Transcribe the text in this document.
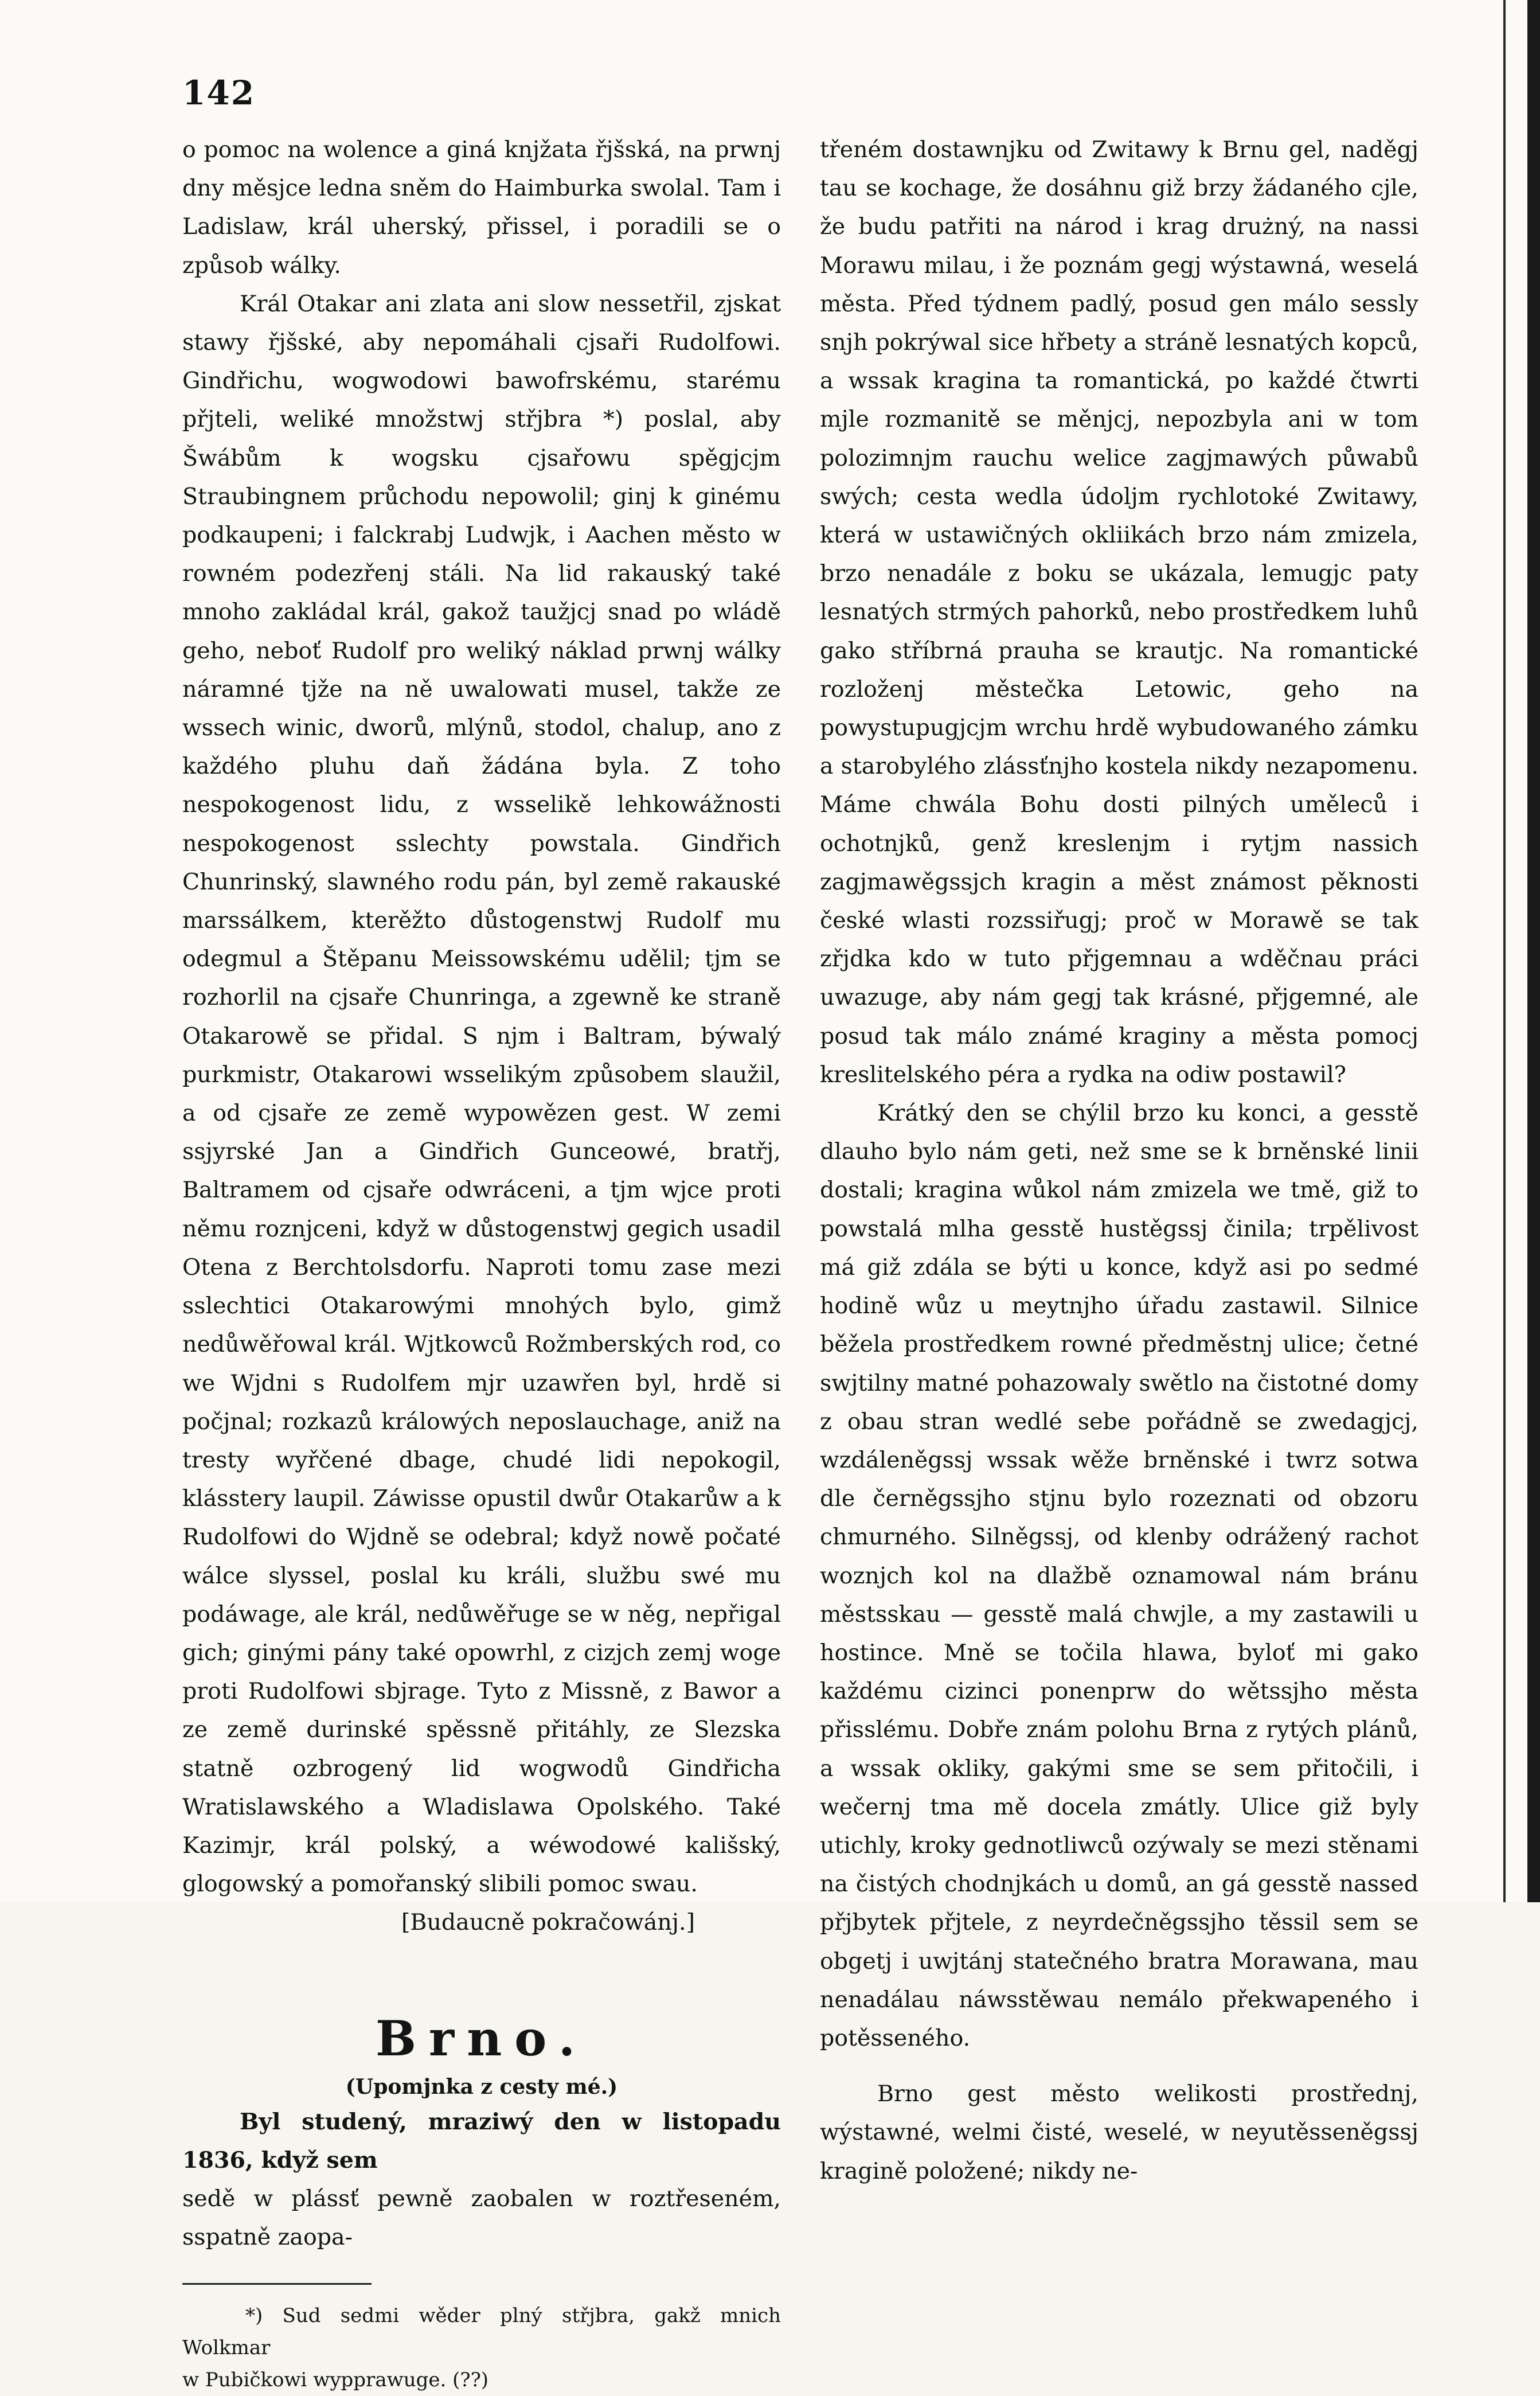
142

o pomoc na wolence a giná knjžata řjšská, na prwnj dny měsjce ledna sněm do Haimburka swolal. Tam i Ladislaw, král uherský, přissel, i poradili se o způsob wálky.

Král Otakar ani zlata ani slow nessetřil, zjskat stawy řjšské, aby nepomáhali cjsaři Rudolfowi. Gindřichu, wogwodowi bawofrskému, starému přjteli, weliké množstwj střjbra *) poslal, aby Šwábům k wogsku cjsařowu spěgjcjm Straubingnem průchodu nepowolil; ginj k ginému podkaupeni; i falckrabj Ludwjk, i Aachen město w rowném podezřenj stáli. Na lid rakauský také mnoho zakládal král, gakož taužjcj snad po wládě geho, neboť Rudolf pro weliký náklad prwnj wálky náramné tjže na ně uwalowati musel, takže ze wssech winic, dworů, mlýnů, stodol, chalup, ano z každého pluhu daň žádána byla. Z toho nespokogenost lidu, z wsselikě lehkowážnosti nespokogenost sslechty powstala. Gindřich Chunrinský, slawného rodu pán, byl země rakauské marssálkem, kterěžto důstogenstwj Rudolf mu odegmul a Štěpanu Meissowskému udělil; tjm se rozhorlil na cjsaře Chunringa, a zgewně ke straně Otakarowě se přidal. S njm i Baltram, býwalý purkmistr, Otakarowi wsselikým způsobem slaužil, a od cjsaře ze země wypowězen gest. W zemi ssjyrské Jan a Gindřich Gunceowé, bratřj, Baltramem od cjsaře odwráceni, a tjm wjce proti němu roznjceni, když w důstogenstwj gegich usadil Otena z Berchtolsdorfu. Naproti tomu zase mezi sslechtici Otakarowými mnohých bylo, gimž nedůwěřowal král. Wjtkowců Rožmberských rod, co we Wjdni s Rudolfem mjr uzawřen byl, hrdě si počjnal; rozkazů králowých neposlauchage, aniž na tresty wyřčené dbage, chudé lidi nepokogil, klásstery laupil. Záwisse opustil dwůr Otakarůw a k Rudolfowi do Wjdně se odebral; když nowě počaté wálce slyssel, poslal ku králi, službu swé mu podáwage, ale král, nedůwěřuge se w něg, nepřigal gich; ginými pány také opowrhl, z cizjch zemj woge proti Rudolfowi sbjrage. Tyto z Missně, z Bawor a ze země durinské spěssně přitáhly, ze Slezska statně ozbrogený lid wogwodů Gindřicha Wratislawského a Wladislawa Opolského. Také Kazimjr, král polský, a wéwodowé kališský, glogowský a pomořanský slibili pomoc swau.

[Budaucně pokračowánj.]

Brno.
(Upomjnka z cesty mé.)

Byl studený, mraziwý den w listopadu 1836, když sem

sedě w plássť pewně zaobalen w roztřeseném, sspatně zaopa-

*) Sud sedmi wěder plný střjbra, gakž mnich Wolkmar
w Pubičkowi wypprawuge. (??)

třeném dostawnjku od Zwitawy k Brnu gel, naděgj tau se kochage, že dosáhnu giž brzy žádaného cjle, že budu patřiti na národ i krag drużný, na nassi Morawu milau, i že poznám gegj wýstawná, weselá města. Před týdnem padlý, posud gen málo sessly snjh pokrýwal sice hřbety a stráně lesnatých kopců, a wssak kragina ta romantická, po každé čtwrti mjle rozmanitě se měnjcj, nepozbyla ani w tom polozimnjm rauchu welice zagjmawých půwabů swých; cesta wedla údoljm rychlotoké Zwitawy, která w ustawičných okliikách brzo nám zmizela, brzo nenadále z boku se ukázala, lemugjc paty lesnatých strmých pahorků, nebo prostředkem luhů gako stříbrná prauha se krautjc. Na romantické rozloženj městečka Letowic, geho na powystupugjcjm wrchu hrdě wybudowaného zámku a starobylého zlássťnjho kostela nikdy nezapomenu. Máme chwála Bohu dosti pilných uměleců i ochotnjků, genž kreslenjm i rytjm nassich zagjmawěgssjch kragin a měst známost pěknosti české wlasti rozssiřugj; proč w Morawě se tak zřjdka kdo w tuto přjgemnau a wděčnau práci uwazuge, aby nám gegj tak krásné, přjgemné, ale posud tak málo známé kraginy a města pomocj kreslitelského péra a rydka na odiw postawil?

Krátký den se chýlil brzo ku konci, a gesstě dlauho bylo nám geti, než sme se k brněnské linii dostali; kragina wůkol nám zmizela we tmě, giž to powstalá mlha gesstě hustěgssj činila; trpělivost má giž zdála se býti u konce, když asi po sedmé hodině wůz u meytnjho úřadu zastawil. Silnice běžela prostředkem rowné předměstnj ulice; četné swjtilny matné pohazowaly swětlo na čistotné domy z obau stran wedlé sebe pořádně se zwedagjcj, wzdáleněgssj wssak wěže brněnské i twrz sotwa dle černěgssjho stjnu bylo rozeznati od obzoru chmurného. Silněgssj, od klenby odrážený rachot woznjch kol na dlažbě oznamowal nám bránu městsskau — gesstě malá chwjle, a my zastawili u hostince. Mně se točila hlawa, byloť mi gako každému cizinci ponenprw do wětssjho města přisslému. Dobře znám polohu Brna z rytých plánů, a wssak okliky, gakými sme se sem přitočili, i wečernj tma mě docela zmátly. Ulice giž byly utichly, kroky gednotliwců ozýwaly se mezi stěnami na čistých chodnjkách u domů, an gá gesstě nassed přjbytek přjtele, z neyrdečněgssjho těssil sem se obgetj i uwjtánj statečného bratra Morawana, mau nenadálau náwsstěwau nemálo překwapeného i potěsseného.

Brno gest město welikosti prostřednj, wýstawné, welmi čisté, weselé, w neyutěsseněgssj kragině položené; nikdy ne-
